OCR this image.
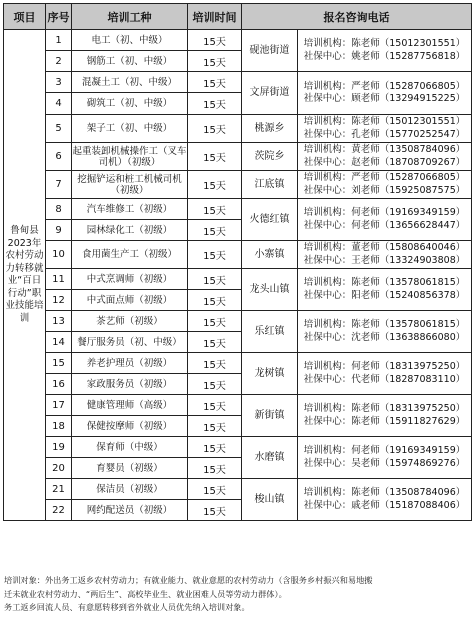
项目	序号	培训工种	培训时间	报名咨询电话	
鲁甸县2023年农村劳动力转移就业“百日行动”职业技能培训	1	电工（初、中级）	15天	砚池街道	培训机构：陈老师（15012301551）
社保中心：姚老师（15287756818）

	2	钢筋工（初、中级）	15天		
	3	混凝土工（初、中级）	15天	文屏街道	培训机构：严老师（15287066805）
社保中心：顾老师（13294915225）

	4	砌筑工（初、中级）	15天		
	5	架子工（初、中级）	15天	桃源乡	培训机构：陈老师（15012301551）
社保中心：孔老师（15770252547）

	6	起重装卸机械操作工（叉车司机）（初级）	15天	茨院乡	培训机构：黄老师（13508784096）
社保中心：赵老师（18708709267）

	7	挖掘铲运和桩工机械司机（初级）	15天	江底镇	培训机构：严老师（15287066805）
社保中心：刘老师（15925087575）

	8	汽车维修工（初级）	15天	火德红镇	培训机构：何老师（19169349159）
社保中心：何老师（13656628447）

	9	园林绿化工（初级）	15天		
	10	食用菌生产工（初级）	15天	小寨镇	培训机构：董老师（15808640046）
社保中心：王老师（13324903808）

	11	中式烹调师（初级）	15天	龙头山镇	培训机构：陈老师（13578061815）
社保中心：阳老师（15240856378）

	12	中式面点师（初级）	15天		
	13	茶艺师（初级）	15天	乐红镇	培训机构：陈老师（13578061815）
社保中心：沈老师（13638866080）

	14	餐厅服务员（初、中级）	15天		
	15	养老护理员（初级）	15天	龙树镇	培训机构：何老师（18313975250）
社保中心：代老师（18287083110）

	16	家政服务员（初级）	15天		
	17	健康管理师（高级）	15天	新街镇	培训机构：陈老师（18313975250）
社保中心：陈老师（15911827629）

	18	保健按摩师（初级）	15天		
	19	保育师（中级）	15天	水磨镇	培训机构：何老师（19169349159）
社保中心：吴老师（15974869276）

	20	育婴员（初级）	15天		
	21	保洁员（初级）	15天	梭山镇	培训机构：陈老师（13508784096）
社保中心：戚老师（15187088406）

	22	网约配送员（初级）	15天		
培训对象：外出务工返乡农村劳动力；有就业能力、就业意愿的农村劳动力（含服务乡村振兴和易地搬
迁未就业农村劳动力、“两后生”、高校毕业生、就业困难人员等劳动力群体）。
务工返乡回流人员、有意愿转移到省外就业人员优先纳入培训对象。
